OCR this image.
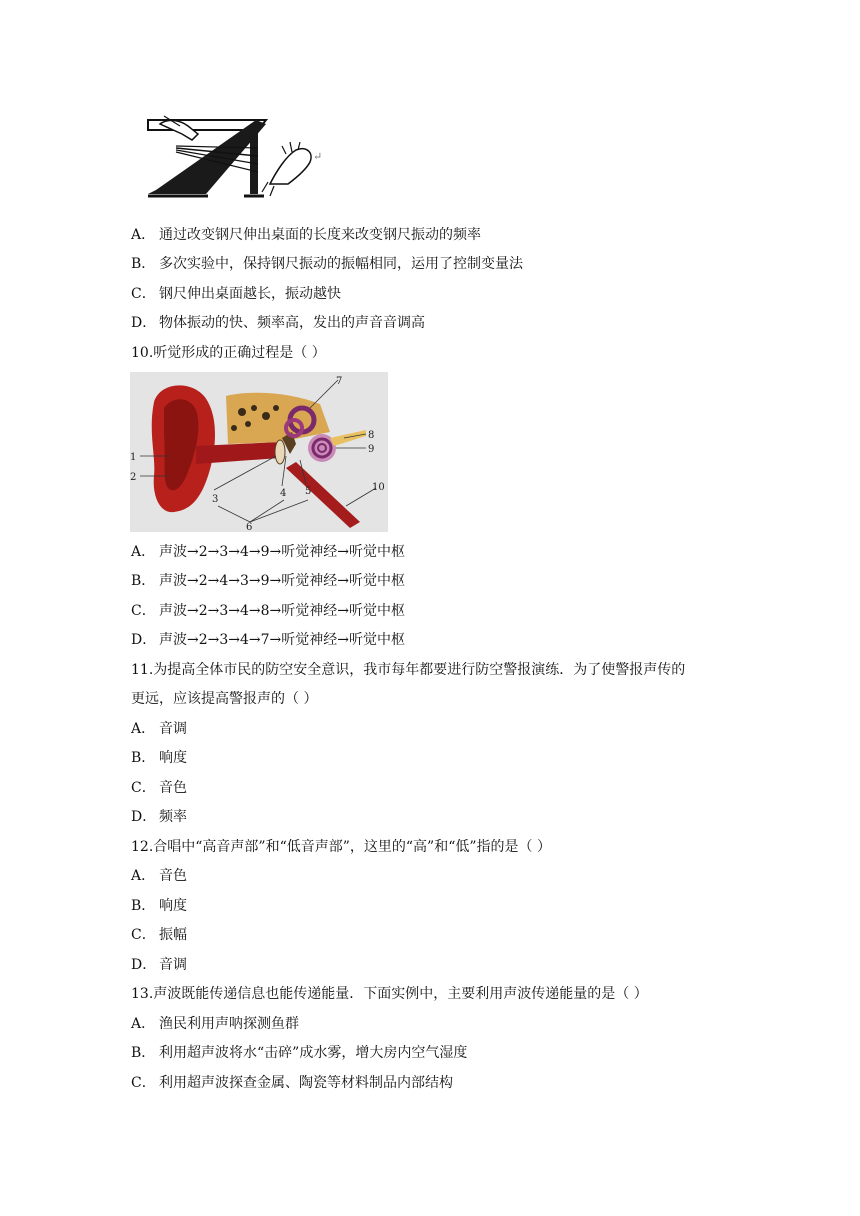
↵
A． 通过改变钢尺伸出桌面的长度来改变钢尺振动的频率
B． 多次实验中，保持钢尺振动的振幅相同，运用了控制变量法
C． 钢尺伸出桌面越长，振动越快
D． 物体振动的快、频率高，发出的声音音调高
10.听觉形成的正确过程是（ ）
1
2
3
4 5
6
7
8
9
10
A． 声波→2→3→4→9→听觉神经→听觉中枢
B． 声波→2→4→3→9→听觉神经→听觉中枢
C． 声波→2→3→4→8→听觉神经→听觉中枢
D． 声波→2→3→4→7→听觉神经→听觉中枢
11.为提高全体市民的防空安全意识，我市每年都要进行防空警报演练．为了使警报声传的
更远，应该提高警报声的（ ）
A． 音调
B． 响度
C． 音色
D． 频率
12.合唱中“高音声部”和“低音声部”，这里的“高”和“低”指的是（ ）
A． 音色
B． 响度
C． 振幅
D． 音调
13.声波既能传递信息也能传递能量．下面实例中，主要利用声波传递能量的是（ ）
A． 渔民利用声呐探测鱼群
B． 利用超声波将水“击碎”成水雾，增大房内空气湿度
C． 利用超声波探查金属、陶瓷等材料制品内部结构
